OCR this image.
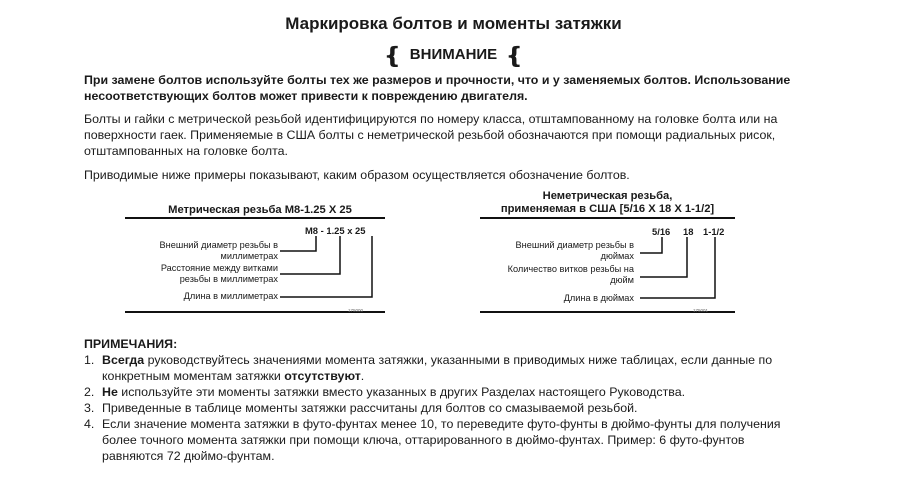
Маркировка болтов и моменты затяжки
❴ ВНИМАНИЕ ❴

При замене болтов используйте болты тех же размеров и прочности, что и у заменяемых болтов. Использование несоответствующих болтов может привести к повреждению двигателя.

Болты и гайки с метрической резьбой идентифицируются по номеру класса, отштампованному на головке болта или на поверхности гаек. Применяемые в США болты с неметрической резьбой обозначаются при помощи радиальных рисок, отштампованных на головке болта.

Приводимые ниже примеры показывают, каким образом осуществляется обозначение болтов.

Метрическая резьба M8-1.25 X 25
M8 - 1.25 x 25
Внешний диаметр резьбы в миллиметрах
Расстояние между витками резьбы в миллиметрах
Длина в миллиметрах
175000
Неметрическая резьба,
применяемая в США [5/16 X 18 X 1-1/2]
5/16 18 1-1/2
Внешний диаметр резьбы в дюймах
Количество витков резьбы на дюйм
Длина в дюймах
175001
ПРИМЕЧАНИЯ:
1. Всегда руководствуйтесь значениями момента затяжки, указанными в приводимых ниже таблицах, если данные по конкретным моментам затяжки отсутствуют.
2. Не используйте эти моменты затяжки вместо указанных в других Разделах настоящего Руководства.
3. Приведенные в таблице моменты затяжки рассчитаны для болтов со смазываемой резьбой.
4. Если значение момента затяжки в футо-фунтах менее 10, то переведите футо-фунты в дюймо-фунты для получения более точного момента затяжки при помощи ключа, оттарированного в дюймо-фунтах. Пример: 6 футо-фунтов равняются 72 дюймо-фунтам.
